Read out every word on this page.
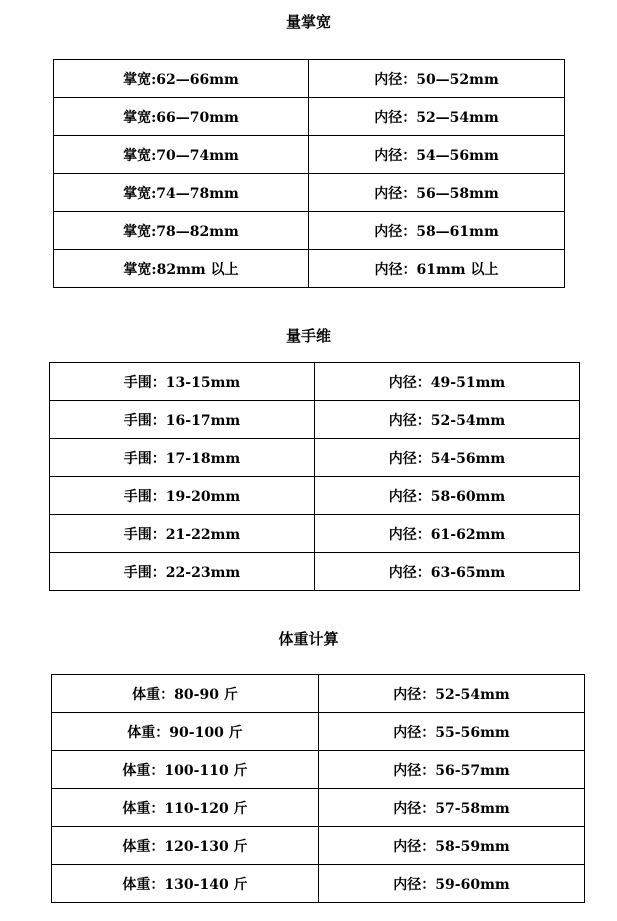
量掌宽
掌宽:62—66mm	内径：50—52mm
掌宽:66—70mm	内径：52—54mm
掌宽:70—74mm	内径：54—56mm
掌宽:74—78mm	内径：56—58mm
掌宽:78—82mm	内径：58—61mm
掌宽:82mm 以上	内径：61mm 以上
量手维
手围：13-15mm	内径：49-51mm
手围：16-17mm	内径：52-54mm
手围：17-18mm	内径：54-56mm
手围：19-20mm	内径：58-60mm
手围：21-22mm	内径：61-62mm
手围：22-23mm	内径：63-65mm
体重计算
体重：80-90 斤	内径：52-54mm
体重：90-100 斤	内径：55-56mm
体重：100-110 斤	内径：56-57mm
体重：110-120 斤	内径：57-58mm
体重：120-130 斤	内径：58-59mm
体重：130-140 斤	内径：59-60mm
